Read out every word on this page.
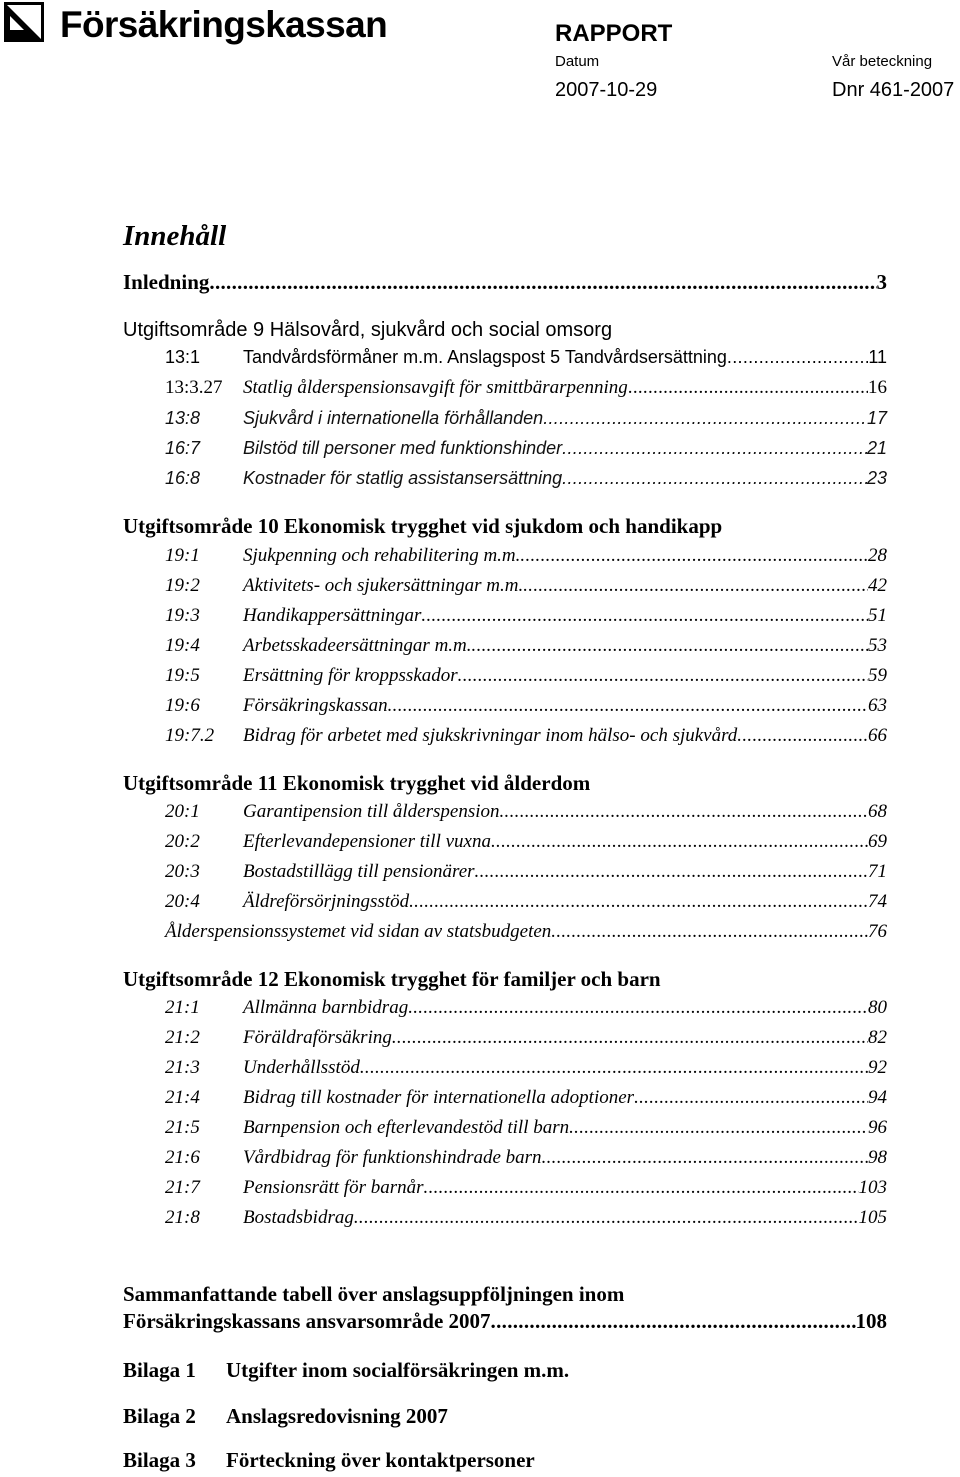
Försäkringskassan	RAPPORT
Datum	Vår beteckning
2007-10-29	Dnr 461-2007
Innehåll
Inledning .....	3
Utgiftsområde 9 Hälsovård, sjukvård och social omsorg
13:1 Tandvårdsförmåner m.m. Anslagspost 5 Tandvårdsersättning .....	11
13:3.27 Statlig ålderspensionsavgift för smittbärarpenning .....	16
13:8 Sjukvård i internationella förhållanden .....	17
16:7 Bilstöd till personer med funktionshinder .....	21
16:8 Kostnader för statlig assistansersättning .....	23
Utgiftsområde 10 Ekonomisk trygghet vid sjukdom och handikapp
19:1 Sjukpenning och rehabilitering m.m. .....	28
19:2 Aktivitets- och sjukersättningar m.m. .....	42
19:3 Handikappersättningar .....	51
19:4 Arbetsskadeersättningar m.m. .....	53
19:5 Ersättning för kroppsskador .....	59
19:6 Försäkringskassan .....	63
19:7.2 Bidrag för arbetet med sjukskrivningar inom hälso- och sjukvård .....	66
Utgiftsområde 11 Ekonomisk trygghet vid ålderdom
20:1 Garantipension till ålderspension .....	68
20:2 Efterlevandepensioner till vuxna .....	69
20:3 Bostadstillägg till pensionärer .....	71
20:4 Äldreförsörjningsstöd .....	74
Ålderspensionssystemet vid sidan av statsbudgeten .....	76
Utgiftsområde 12 Ekonomisk trygghet för familjer och barn
21:1 Allmänna barnbidrag .....	80
21:2 Föräldraförsäkring .....	82
21:3 Underhållsstöd .....	92
21:4 Bidrag till kostnader för internationella adoptioner .....	94
21:5 Barnpension och efterlevandestöd till barn .....	96
21:6 Vårdbidrag för funktionshindrade barn .....	98
21:7 Pensionsrätt för barnår .....	103
21:8 Bostadsbidrag .....	105
Sammanfattande tabell över anslagsuppföljningen inom
Försäkringskassans ansvarsområde 2007 .....	108
Bilaga 1 Utgifter inom socialförsäkringen m.m.
Bilaga 2 Anslagsredovisning 2007
Bilaga 3 Förteckning över kontaktpersoner
